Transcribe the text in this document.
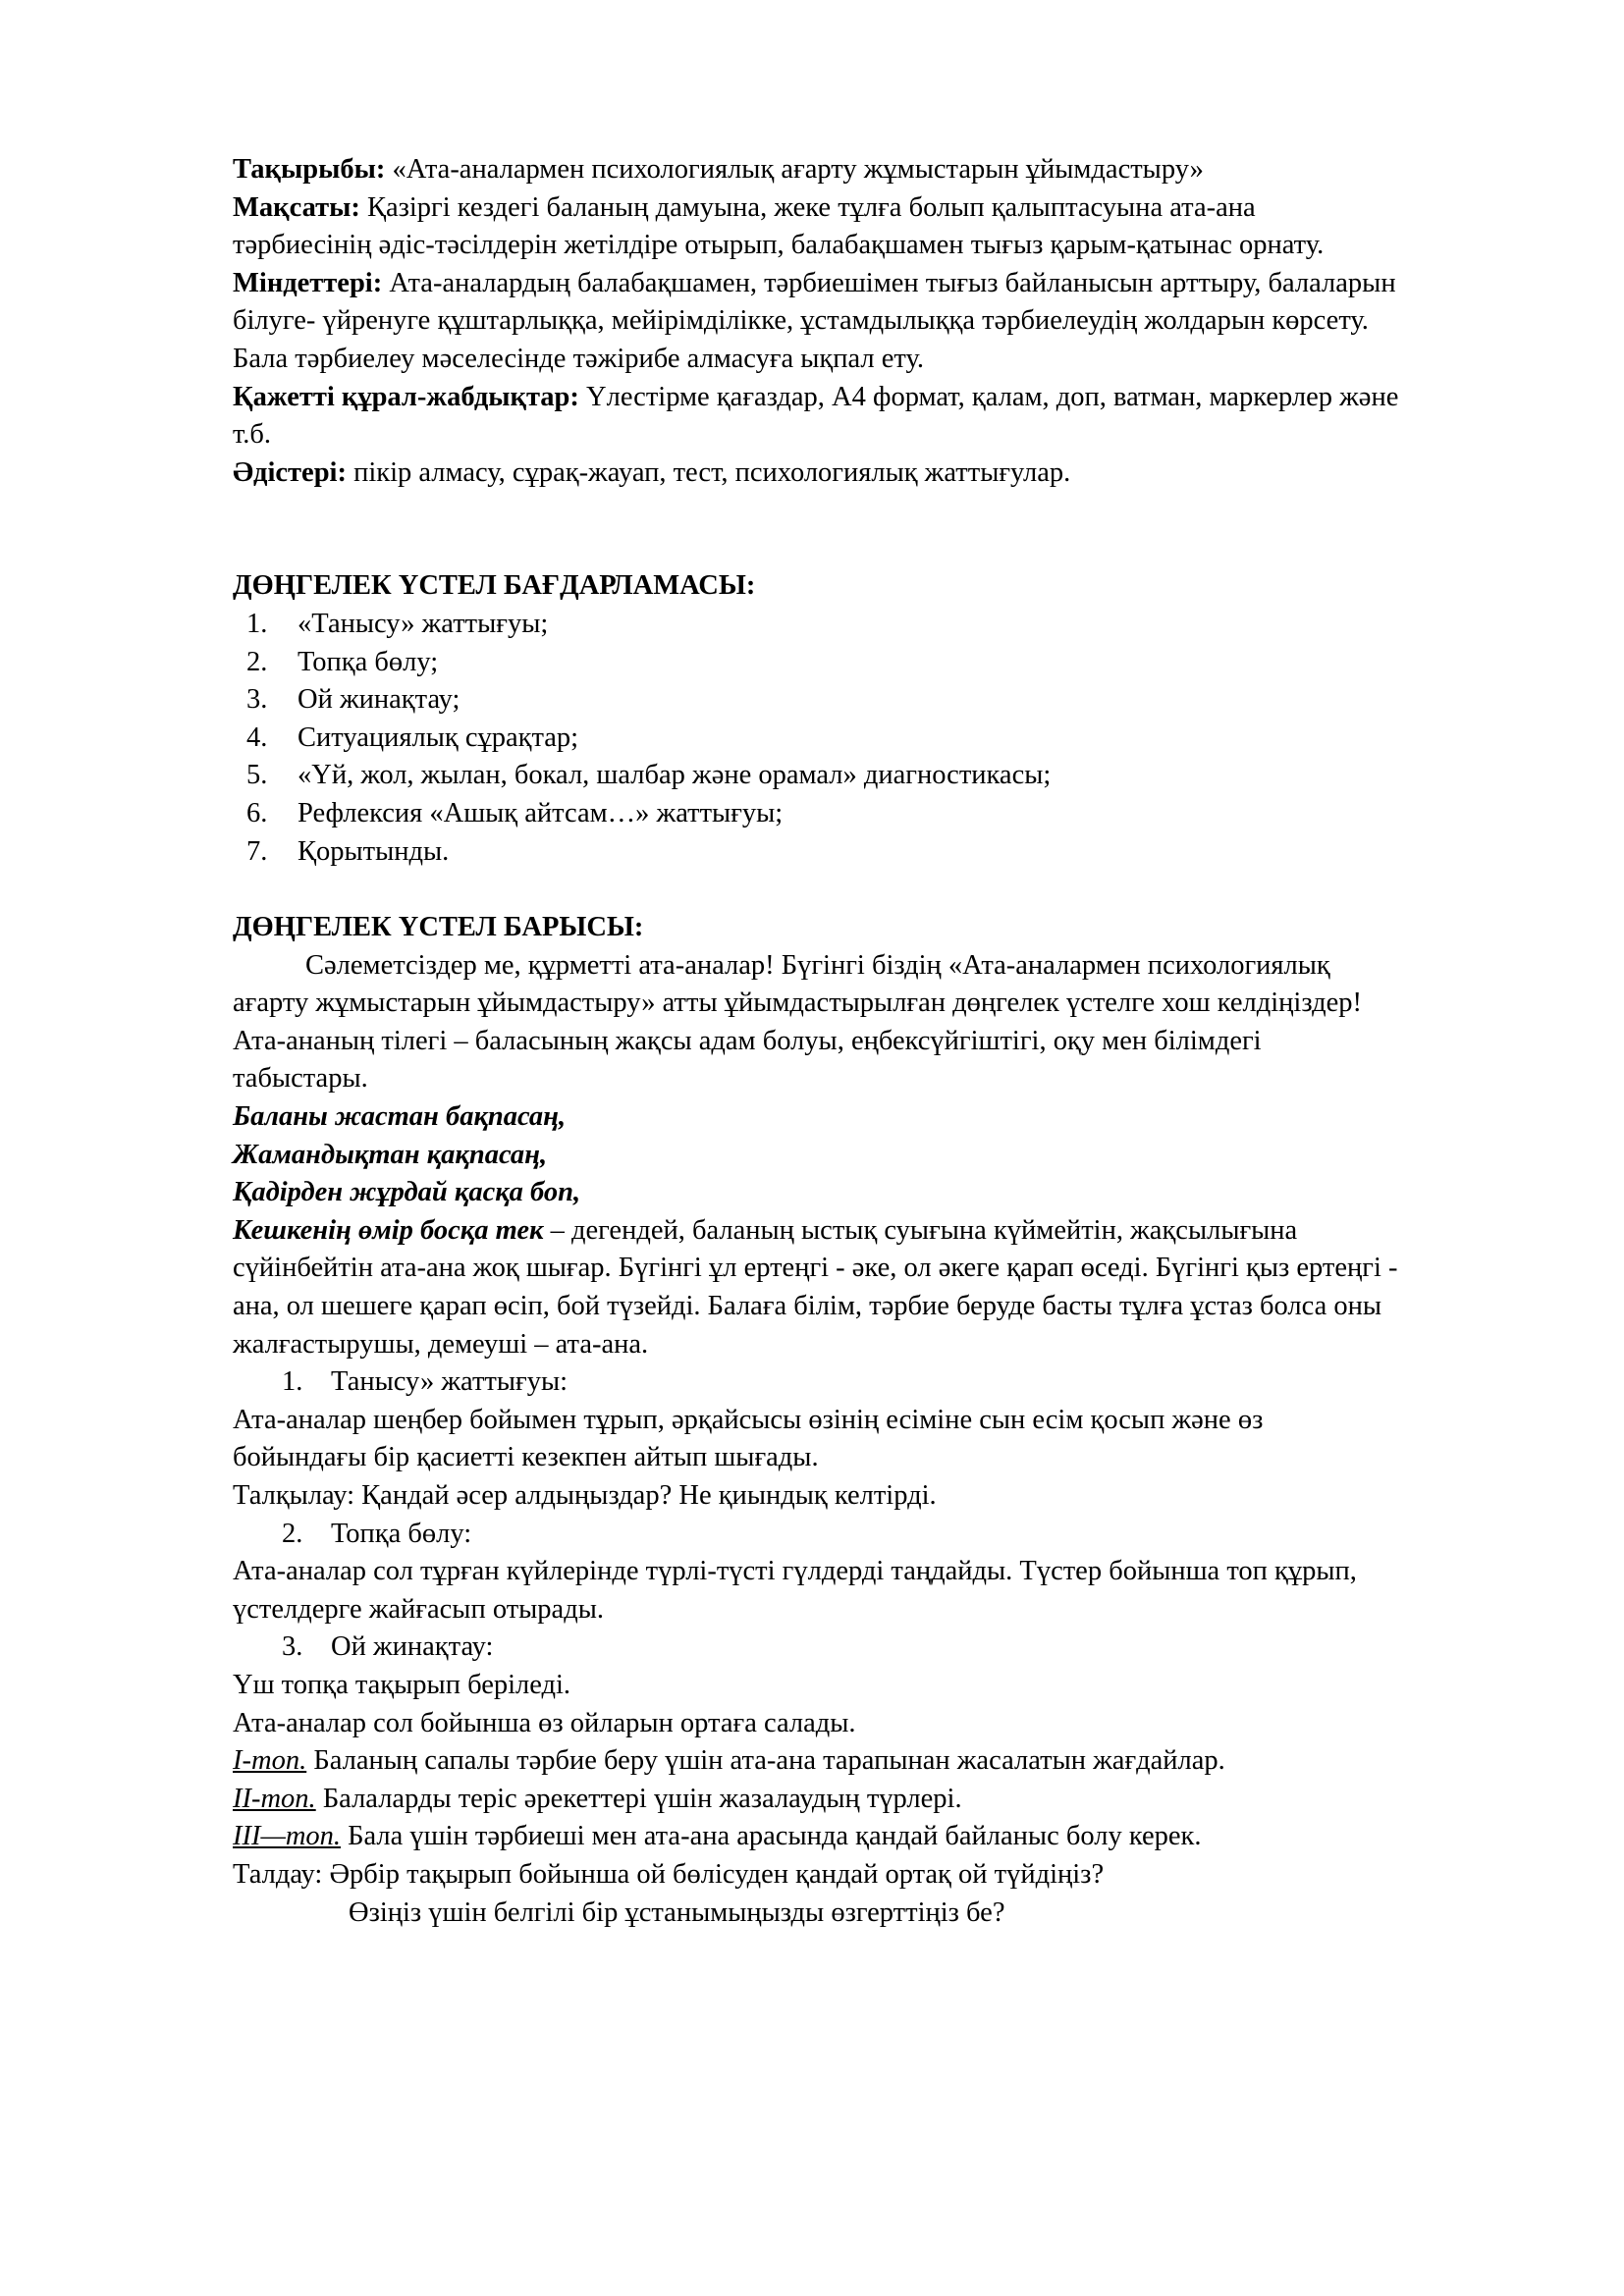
Тақырыбы: «Ата-аналармен психологиялық ағарту жұмыстарын ұйымдастыру»

Мақсаты: Қазіргі кездегі баланың дамуына, жеке тұлға болып қалыптасуына ата-ана тәрбиесінің әдіс-тәсілдерін жетілдіре отырып, балабақшамен тығыз қарым-қатынас орнату.

Міндеттері: Ата-аналардың балабақшамен, тәрбиешімен тығыз байланысын арттыру, балаларын білуге- үйренуге құштарлыққа, мейірімділікке, ұстамдылыққа тәрбиелеудің жолдарын көрсету. Бала тәрбиелеу мәселесінде тәжірибе алмасуға ықпал ету.

Қажетті құрал-жабдықтар: Үлестірме қағаздар, А4 формат, қалам, доп, ватман, маркерлер және т.б.

Әдістері: пікір алмасу, сұрақ-жауап, тест, психологиялық жаттығулар.

ДӨҢГЕЛЕК ҮСТЕЛ БАҒДАРЛАМАСЫ:

1. «Танысу» жаттығуы;
2. Топқа бөлу;
3. Ой жинақтау;
4. Ситуациялық сұрақтар;
5. «Үй, жол, жылан, бокал, шалбар және орамал» диагностикасы;
6. Рефлексия «Ашық айтсам…» жаттығуы;
7. Қорытынды.

ДӨҢГЕЛЕК ҮСТЕЛ БАРЫСЫ:

Сәлеметсіздер ме, құрметті ата-аналар! Бүгінгі біздің «Ата-аналармен психологиялық ағарту жұмыстарын ұйымдастыру» атты ұйымдастырылған дөңгелек үстелге хош келдіңіздер! Ата-ананың тілегі – баласының жақсы адам болуы, еңбексүйгіштігі, оқу мен білімдегі табыстары.

Баланы жастан бақпасаң,

Жамандықтан қақпасаң,

Қадірден жұрдай қасқа боп,

Кешкенің өмір босқа тек – дегендей, баланың ыстық суығына күймейтін, жақсылығына сүйінбейтін ата-ана жоқ шығар. Бүгінгі ұл ертеңгі - әке, ол әкеге қарап өседі. Бүгінгі қыз ертеңгі - ана, ол шешеге қарап өсіп, бой түзейді. Балаға білім, тәрбие беруде басты тұлға ұстаз болса оны жалғастырушы, демеуші – ата-ана.

1. Танысу» жаттығуы:

Ата-аналар шеңбер бойымен тұрып, әрқайсысы өзінің есіміне сын есім қосып және өз бойындағы бір қасиетті кезекпен айтып шығады.

Талқылау: Қандай әсер алдыңыздар? Не қиындық келтірді.

2. Топқа бөлу:

Ата-аналар сол тұрған күйлерінде түрлі-түсті гүлдерді таңдайды. Түстер бойынша топ құрып, үстелдерге жайғасып отырады.

3. Ой жинақтау:

Үш топқа тақырып беріледі.

Ата-аналар сол бойынша өз ойларын ортаға салады.

I-топ. Баланың сапалы тәрбие беру үшін ата-ана тарапынан жасалатын жағдайлар.

II-топ. Балаларды теріс әрекеттері үшін жазалаудың түрлері.

III—топ. Бала үшін тәрбиеші мен ата-ана арасында қандай байланыс болу керек.

Талдау: Әрбір тақырып бойынша ой бөлісуден қандай ортақ ой түйдіңіз?

Өзіңіз үшін белгілі бір ұстанымыңызды өзгерттіңіз бе?
